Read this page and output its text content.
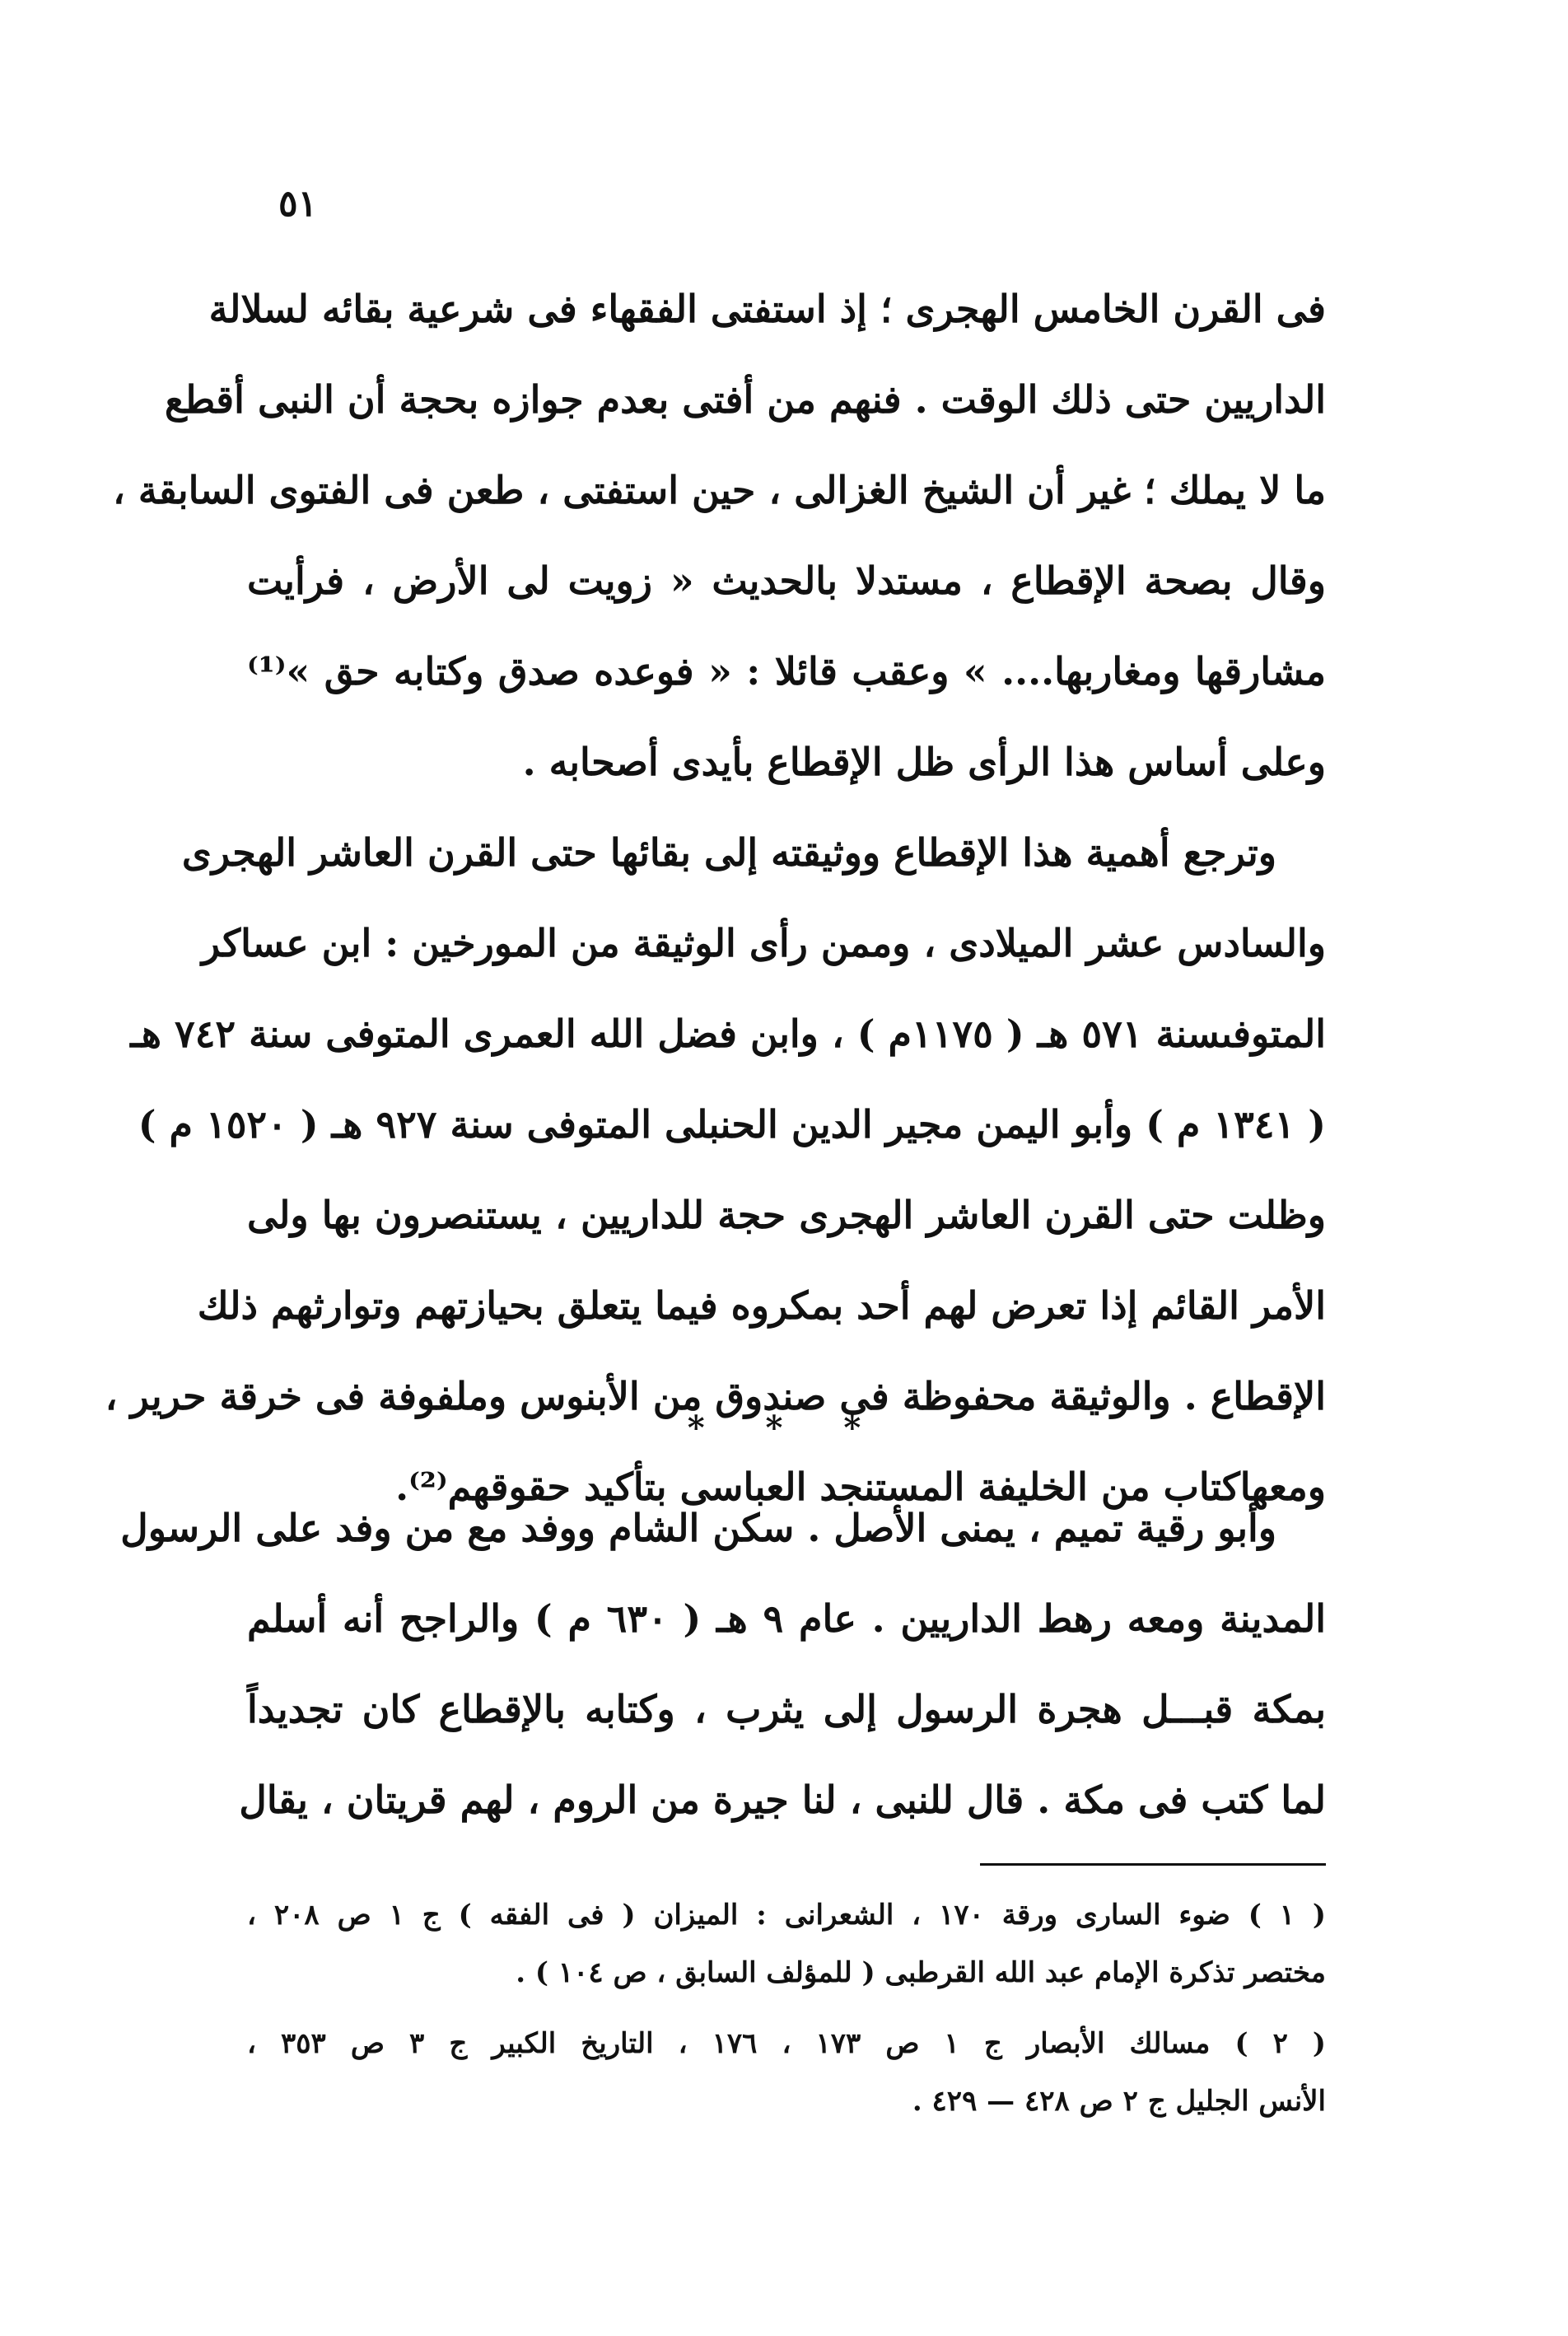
٥١
فى القرن الخامس الهجرى ؛ إذ استفتى الفقهاء فى شرعية بقائه لسلالة
الداريين حتى ذلك الوقت . فنهم من أفتى بعدم جوازه بحجة أن النبى أقطع
ما لا يملك ؛ غير أن الشيخ الغزالى ، حين استفتى ، طعن فى الفتوى السابقة ،
وقال بصحة الإقطاع ، مستدلا بالحديث « زويت لى الأرض ، فرأيت
مشارقها ومغاربها.... » وعقب قائلا : « فوعده صدق وكتابه حق »⁽¹⁾
وعلى أساس هذا الرأى ظل الإقطاع بأيدى أصحابه .
وترجع أهمية هذا الإقطاع ووثيقته إلى بقائها حتى القرن العاشر الهجرى
والسادس عشر الميلادى ، وممن رأى الوثيقة من المورخين : ابن عساكر
المتوفىسنة ٥٧١ هـ ( ١١٧٥م ) ، وابن فضل الله العمرى المتوفى سنة ٧٤٢ هـ
( ١٣٤١ م ) وأبو اليمن مجير الدين الحنبلى المتوفى سنة ٩٢٧ هـ ( ١٥٢٠ م )
وظلت حتى القرن العاشر الهجرى حجة للداريين ، يستنصرون بها ولى
الأمر القائم إذا تعرض لهم أحد بمكروه فيما يتعلق بحيازتهم وتوارثهم ذلك
الإقطاع . والوثيقة محفوظة فى صندوق من الأبنوس وملفوفة فى خرقة حرير ،
ومعهاكتاب من الخليفة المستنجد العباسى بتأكيد حقوقهم⁽²⁾.
* * *
وأبو رقية تميم ، يمنى الأصل . سكن الشام ووفد مع من وفد على الرسول
المدينة ومعه رهط الداريين . عام ٩ هـ ( ٦٣٠ م ) والراجح أنه أسلم
بمكة قبـــل هجرة الرسول إلى يثرب ، وكتابه بالإقطاع كان تجديداً
لما كتب فى مكة . قال للنبى ، لنا جيرة من الروم ، لهم قريتان ، يقال
( ١ ) ضوء السارى ورقة ١٧٠ ، الشعرانى : الميزان ( فى الفقه ) ج ١ ص ٢٠٨ ،
مختصر تذكرة الإمام عبد الله القرطبى ( للمؤلف السابق ، ص ١٠٤ ) .
( ٢ ) مسالك الأبصار ج ١ ص ١٧٣ ، ١٧٦ ، التاريخ الكبير ج ٣ ص ٣٥٣ ،
الأنس الجليل ج ٢ ص ٤٢٨ — ٤٢٩ .
